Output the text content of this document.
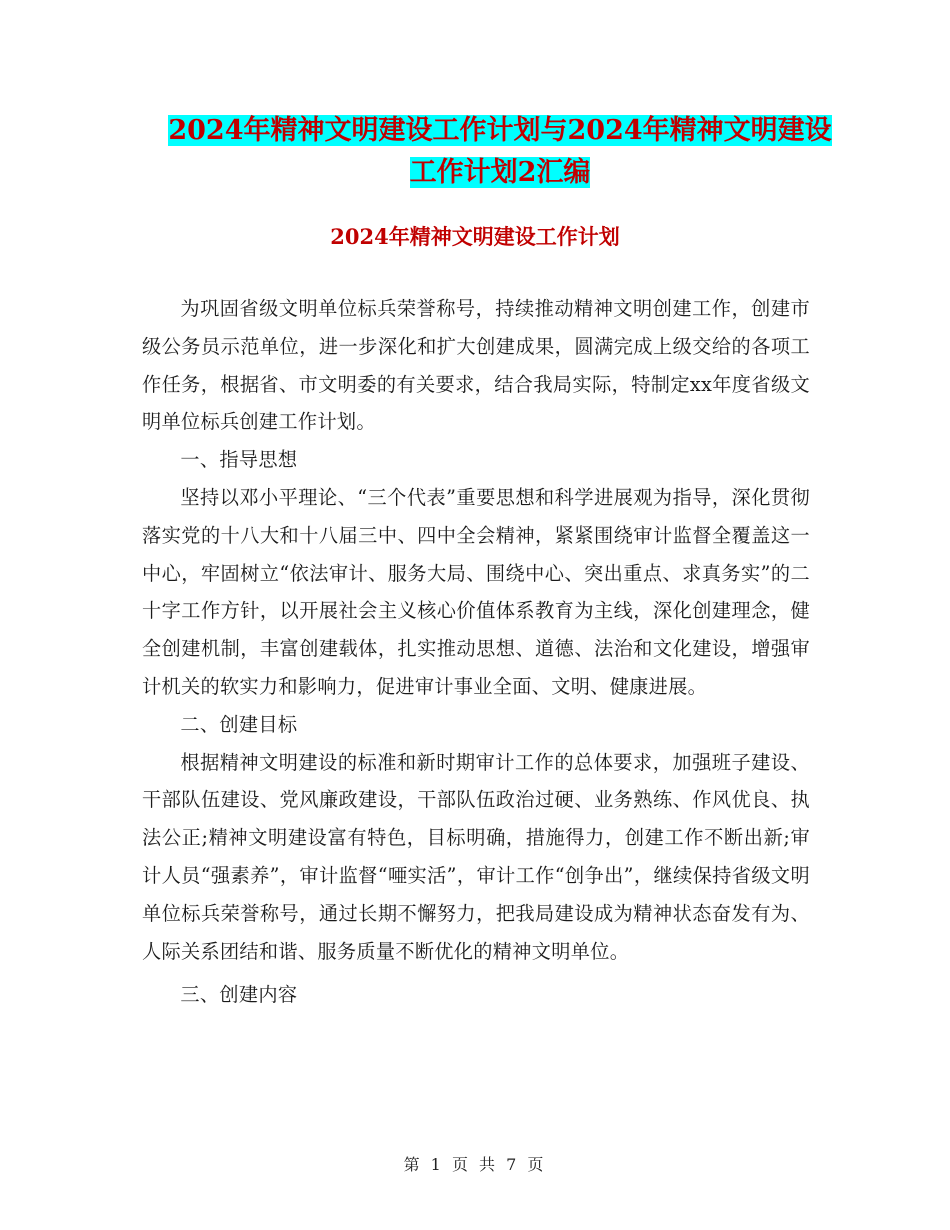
2024年精神文明建设工作计划与2024年精神文明建设
工作计划2汇编
2024年精神文明建设工作计划

为巩固省级文明单位标兵荣誉称号，持续推动精神文明创建工作，创建市级公务员示范单位，进一步深化和扩大创建成果，圆满完成上级交给的各项工作任务，根据省、市文明委的有关要求，结合我局实际，特制定xx年度省级文明单位标兵创建工作计划。

一、指导思想

坚持以邓小平理论、“三个代表”重要思想和科学进展观为指导，深化贯彻落实党的十八大和十八届三中、四中全会精神，紧紧围绕审计监督全覆盖这一中心，牢固树立“依法审计、服务大局、围绕中心、突出重点、求真务实”的二十字工作方针，以开展社会主义核心价值体系教育为主线，深化创建理念，健全创建机制，丰富创建载体，扎实推动思想、道德、法治和文化建设，增强审计机关的软实力和影响力，促进审计事业全面、文明、健康进展。

二、创建目标

根据精神文明建设的标准和新时期审计工作的总体要求，加强班子建设、干部队伍建设、党风廉政建设，干部队伍政治过硬、业务熟练、作风优良、执法公正;精神文明建设富有特色，目标明确，措施得力，创建工作不断出新;审计人员“强素养”，审计监督“唖实活”，审计工作“创争出”，继续保持省级文明单位标兵荣誉称号，通过长期不懈努力，把我局建设成为精神状态奋发有为、人际关系团结和谐、服务质量不断优化的精神文明单位。

三、创建内容

第 1 页 共 7 页
